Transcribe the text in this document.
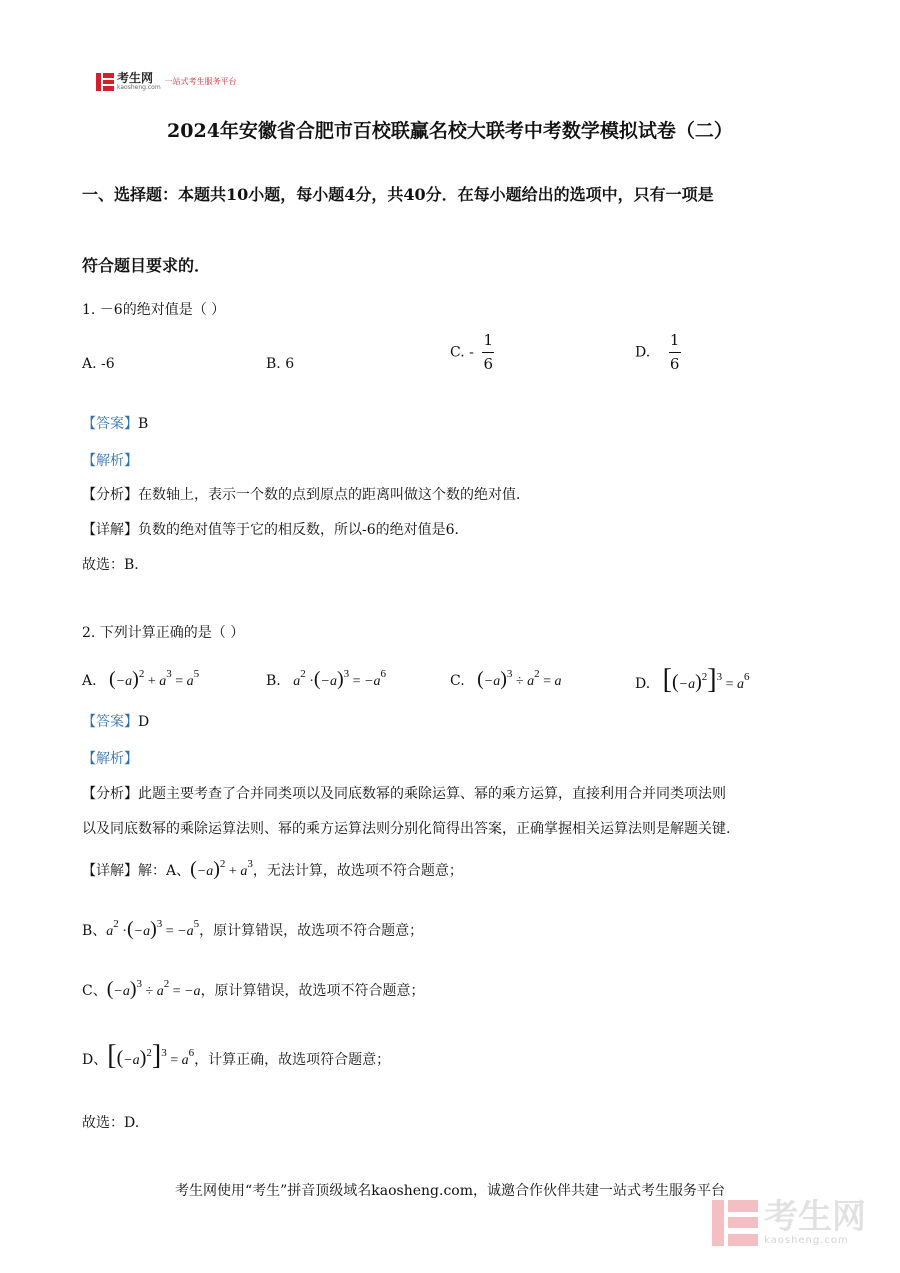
考生网
kaosheng.com
一站式考生服务平台
2024年安徽省合肥市百校联赢名校大联考中考数学模拟试卷（二）
一、选择题：本题共10小题，每小题4分，共40分．在每小题给出的选项中，只有一项是
符合题目要求的．
1. －6的绝对值是（ ）
A. -6	B. 6
C. - $\frac{1}{6}$	D. $\frac{1}{6}$
【答案】B
【解析】
【分析】在数轴上，表示一个数的点到原点的距离叫做这个数的绝对值．
【详解】负数的绝对值等于它的相反数，所以-6的绝对值是6．
故选：B．
2. 下列计算正确的是（ ）
A. $(-a)^2 + a^3 = a^5$	B. $a^2 \cdot(-a)^3 = -a^6$	C. $(-a)^3 \div a^2 = a$	D. $[(-a)^2]^3 = a^6$
【答案】D
【解析】
【分析】此题主要考查了合并同类项以及同底数幂的乘除运算、幂的乘方运算，直接利用合并同类项法则
以及同底数幂的乘除运算法则、幂的乘方运算法则分别化简得出答案，正确掌握相关运算法则是解题关键.
【详解】解：A、$(-a)^2 + a^3$，无法计算，故选项不符合题意；
B、$a^2 \cdot(-a)^3 = -a^5$，原计算错误，故选项不符合题意；
C、$(-a)^3 \div a^2 = -a$，原计算错误，故选项不符合题意；
D、$[(-a)^2]^3 = a^6$，计算正确，故选项符合题意；
故选：D.
考生网使用“考生”拼音顶级域名kaosheng.com，诚邀合作伙伴共建一站式考生服务平台
考生网
kaosheng.com
